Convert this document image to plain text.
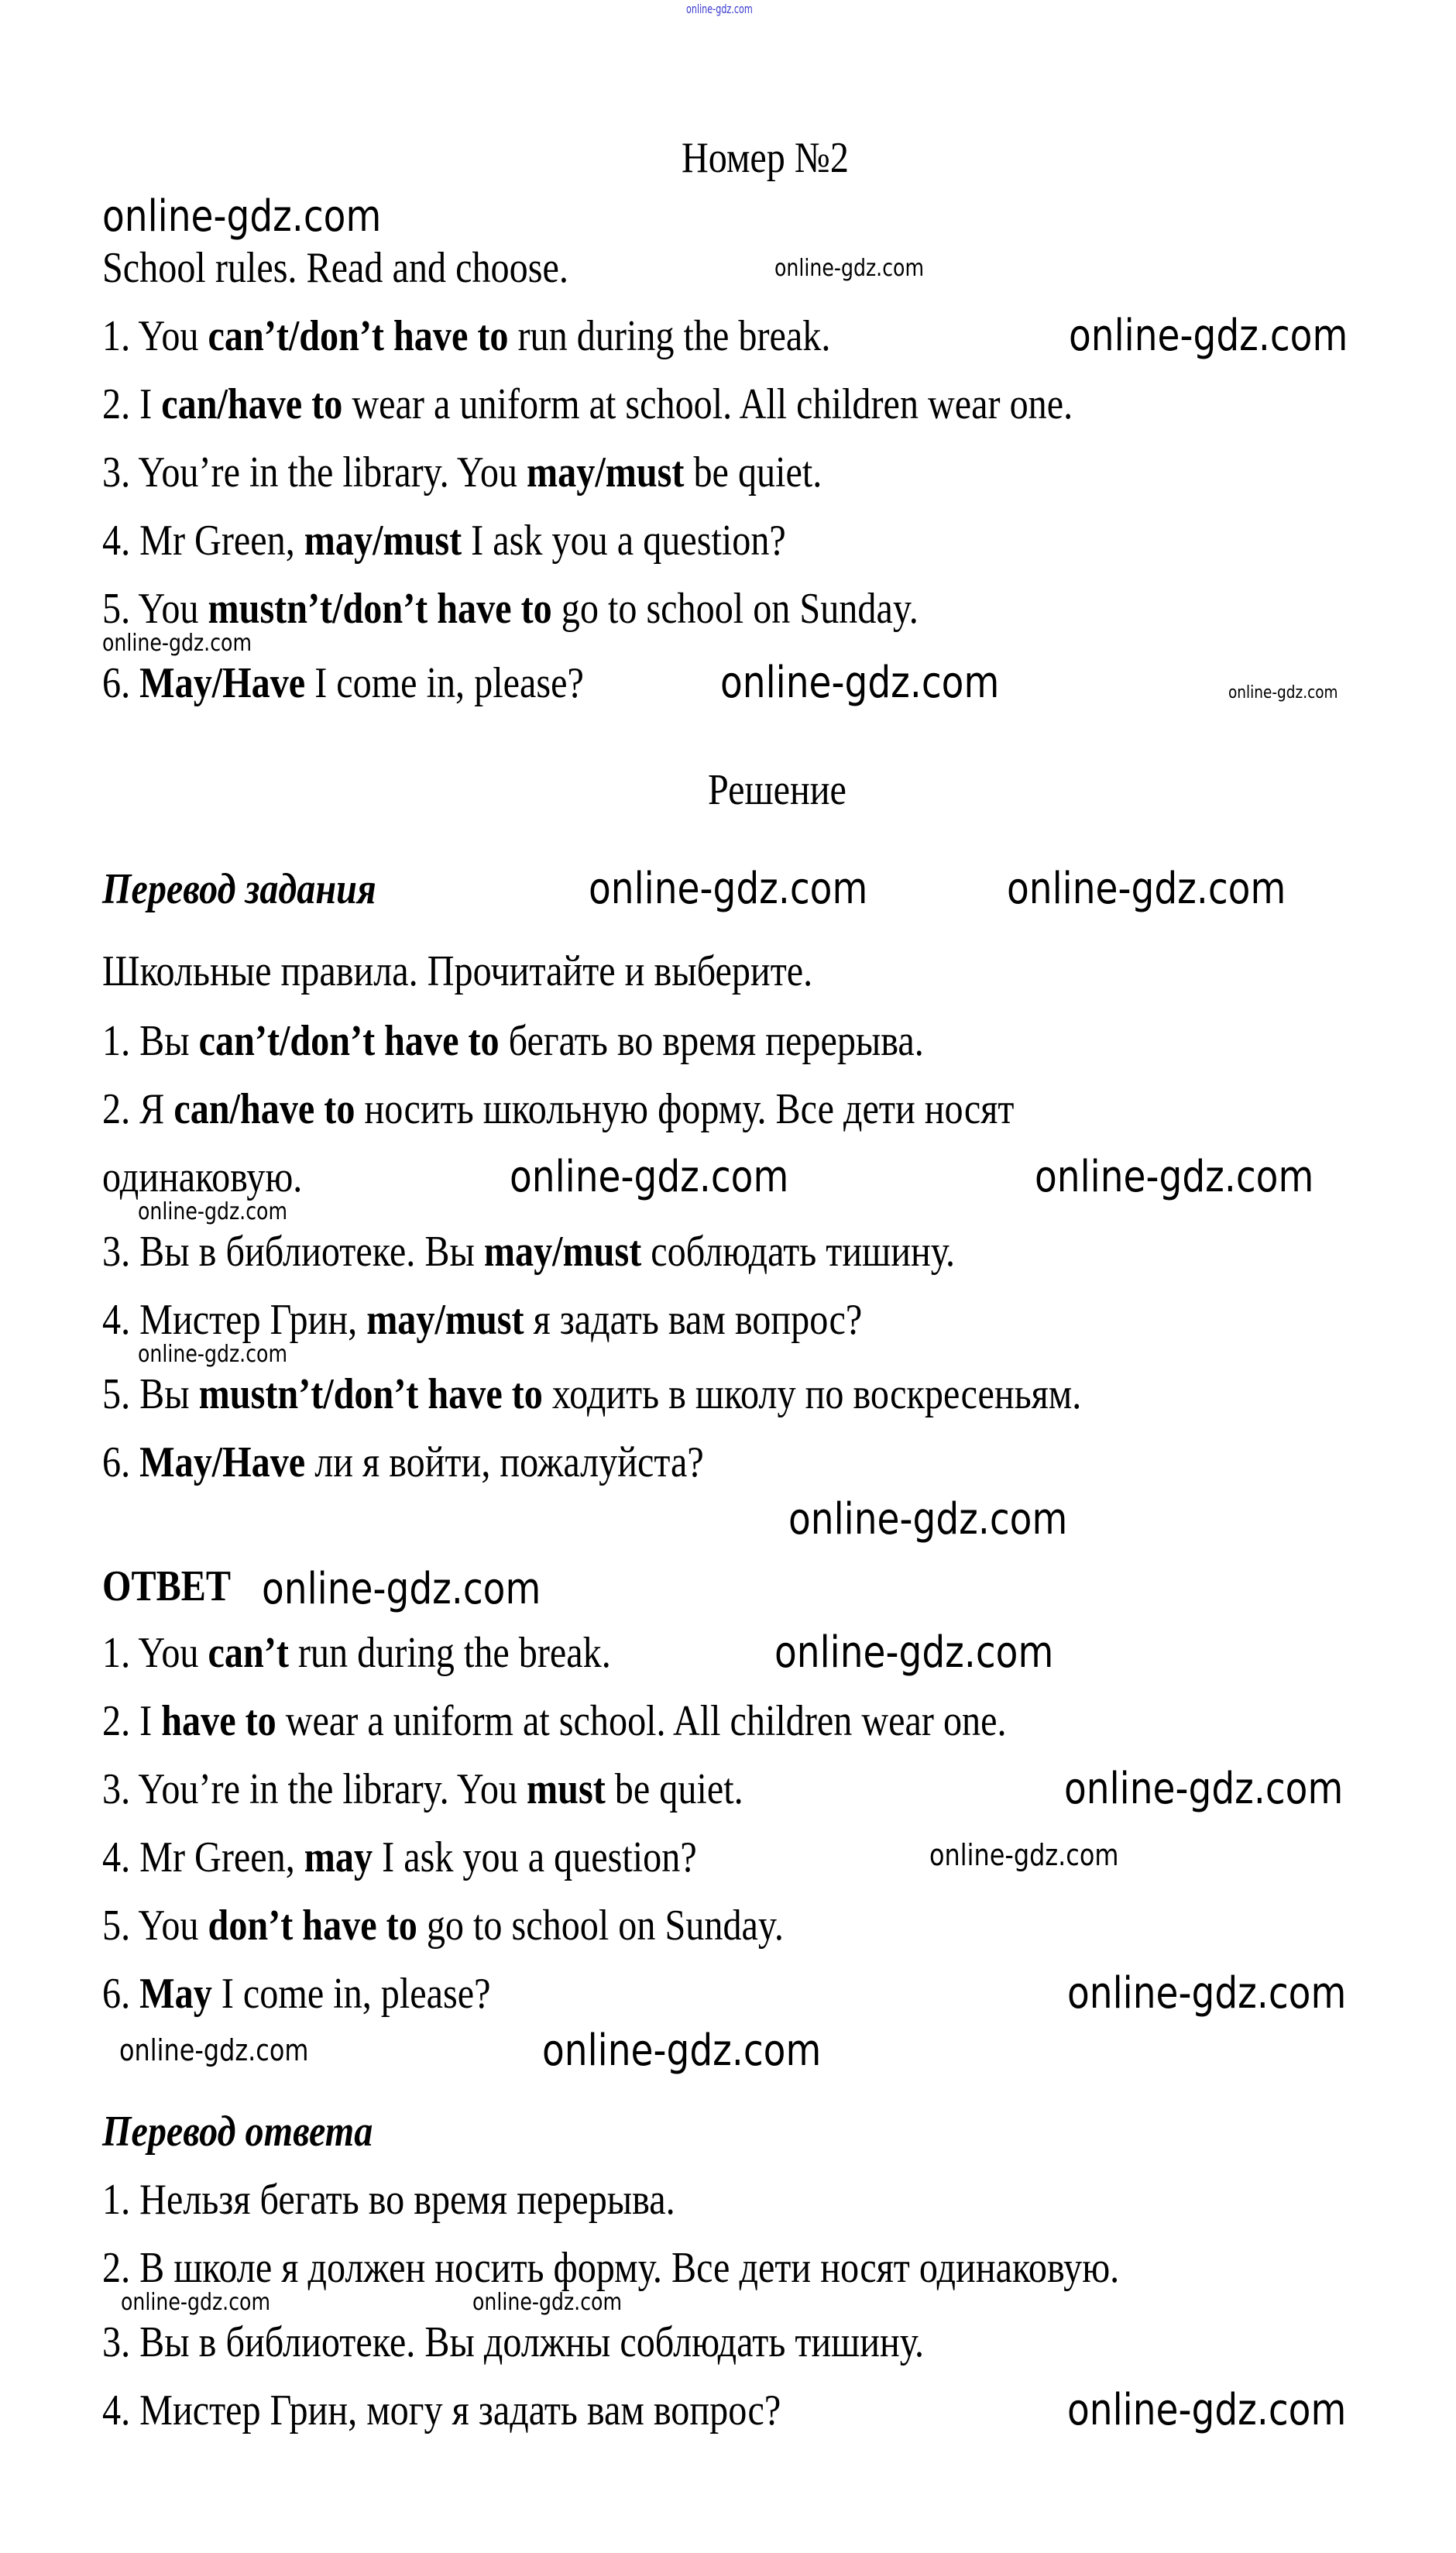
online-gdz.com
Номер №2
online-gdz.com
School rules. Read and choose.	online-gdz.com
1. You can’t/don’t have to run during the break.	online-gdz.com
2. I can/have to wear a uniform at school. All children wear one.
3. You’re in the library. You may/must be quiet.
4. Mr Green, may/must I ask you a question?
5. You mustn’t/don’t have to go to school on Sunday.
online-gdz.com
6. May/Have I come in, please?	online-gdz.com	online-gdz.com
Решение
Перевод задания	online-gdz.com	online-gdz.com
Школьные правила. Прочитайте и выберите.
1. Вы can’t/don’t have to бегать во время перерыва.
2. Я can/have to носить школьную форму. Все дети носят
одинаковую.	online-gdz.com	online-gdz.com
online-gdz.com
3. Вы в библиотеке. Вы may/must соблюдать тишину.
4. Мистер Грин, may/must я задать вам вопрос?
online-gdz.com
5. Вы mustn’t/don’t have to ходить в школу по воскресеньям.
6. May/Have ли я войти, пожалуйста?
online-gdz.com
ОТВЕТ online-gdz.com
1. You can’t run during the break.	online-gdz.com
2. I have to wear a uniform at school. All children wear one.
3. You’re in the library. You must be quiet.	online-gdz.com
4. Mr Green, may I ask you a question?	online-gdz.com
5. You don’t have to go to school on Sunday.
6. May I come in, please?	online-gdz.com
online-gdz.com
online-gdz.com
Перевод ответа
1. Нельзя бегать во время перерыва.
2. В школе я должен носить форму. Все дети носят одинаковую.
online-gdz.com	online-gdz.com
3. Вы в библиотеке. Вы должны соблюдать тишину.
online-gdz.com
4. Мистер Грин, могу я задать вам вопрос?
